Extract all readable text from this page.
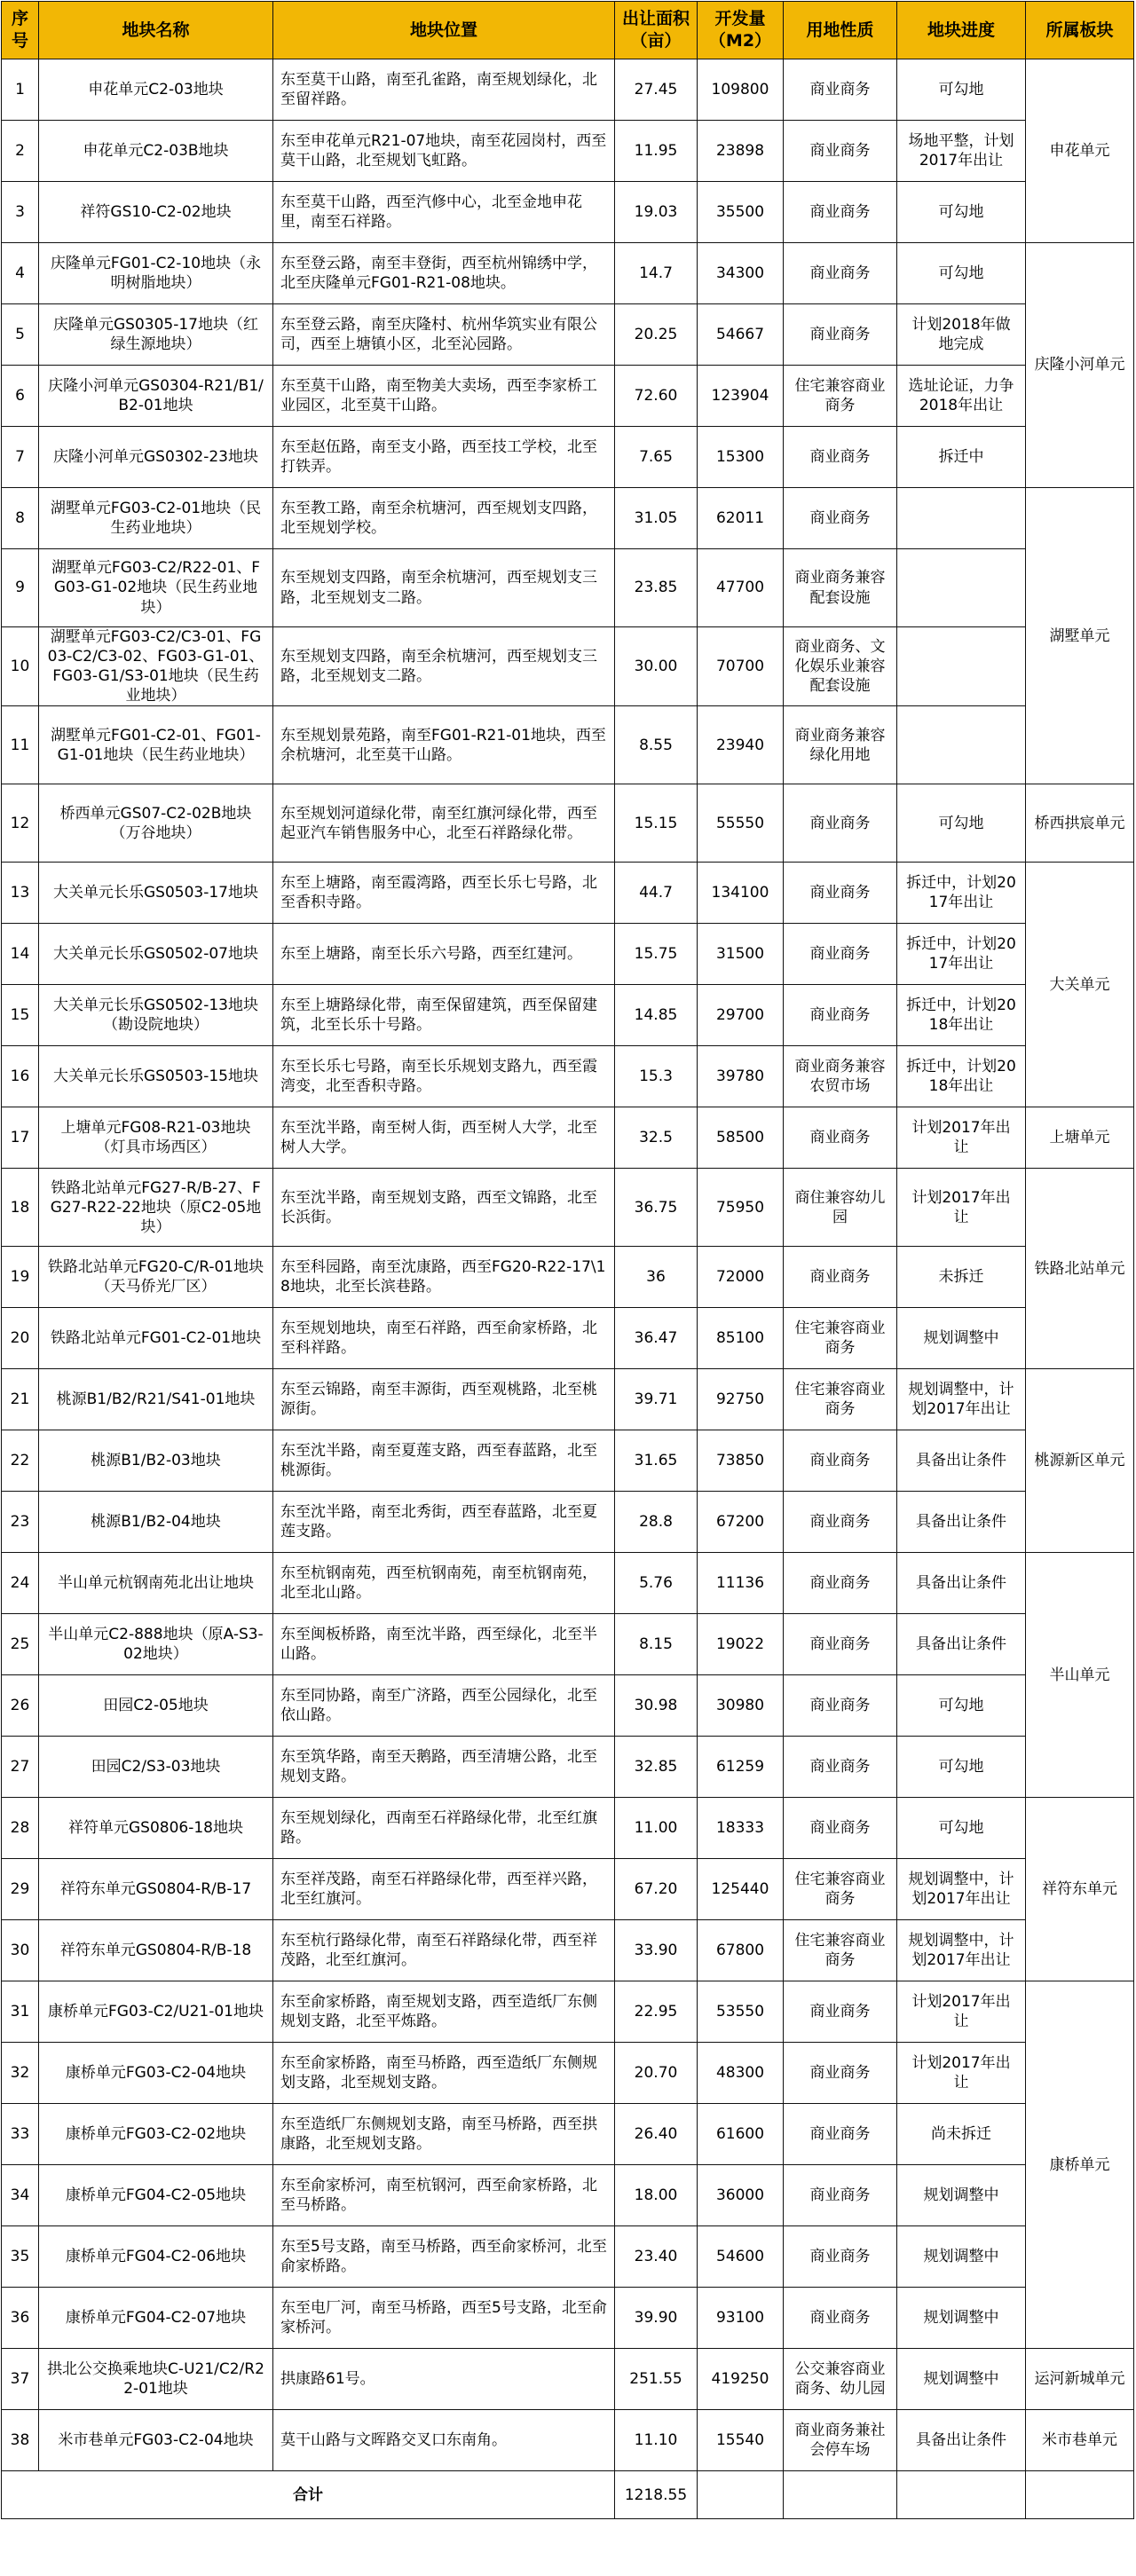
序号	地块名称	地块位置	出让面积（亩）	开发量（M2）	用地性质	地块进度	所属板块
1	申花单元C2-03地块	东至莫干山路，南至孔雀路，南至规划绿化，北至留祥路。	27.45	109800	商业商务	可勾地	申花单元
2	申花单元C2-03B地块	东至申花单元R21-07地块，南至花园岗村，西至莫干山路，北至规划飞虹路。	11.95	23898	商业商务	场地平整，计划2017年出让	
3	祥符GS10-C2-02地块	东至莫干山路，西至汽修中心，北至金地申花里，南至石祥路。	19.03	35500	商业商务	可勾地	
4	庆隆单元FG01-C2-10地块（永明树脂地块）	东至登云路，南至丰登街，西至杭州锦绣中学，北至庆隆单元FG01-R21-08地块。	14.7	34300	商业商务	可勾地	庆隆小河单元
5	庆隆单元GS0305-17地块（红绿生源地块）	东至登云路，南至庆隆村、杭州华筑实业有限公司，西至上塘镇小区，北至沁园路。	20.25	54667	商业商务	计划2018年做地完成	
6	庆隆小河单元GS0304-R21/B1/B2-01地块	东至莫干山路，南至物美大卖场，西至李家桥工业园区，北至莫干山路。	72.60	123904	住宅兼容商业商务	选址论证，力争2018年出让	
7	庆隆小河单元GS0302-23地块	东至赵伍路，南至支小路，西至技工学校，北至打铁弄。	7.65	15300	商业商务	拆迁中	
8	湖墅单元FG03-C2-01地块（民生药业地块）	东至教工路，南至余杭塘河，西至规划支四路，北至规划学校。	31.05	62011	商业商务		湖墅单元
9	湖墅单元FG03-C2/R22-01、FG03-G1-02地块（民生药业地块）	东至规划支四路，南至余杭塘河，西至规划支三路，北至规划支二路。	23.85	47700	商业商务兼容配套设施		
10	湖墅单元FG03-C2/C3-01、FG03-C2/C3-02、FG03-G1-01、FG03-G1/S3-01地块（民生药业地块）	东至规划支四路，南至余杭塘河，西至规划支三路，北至规划支二路。	30.00	70700	商业商务、文化娱乐业兼容配套设施		
11	湖墅单元FG01-C2-01、FG01-G1-01地块（民生药业地块）	东至规划景苑路，南至FG01-R21-01地块，西至余杭塘河，北至莫干山路。	8.55	23940	商业商务兼容绿化用地		
12	桥西单元GS07-C2-02B地块（万谷地块）	东至规划河道绿化带，南至红旗河绿化带，西至起亚汽车销售服务中心，北至石祥路绿化带。	15.15	55550	商业商务	可勾地	桥西拱宸单元
13	大关单元长乐GS0503-17地块	东至上塘路，南至霞湾路，西至长乐七号路，北至香积寺路。	44.7	134100	商业商务	拆迁中，计划2017年出让	大关单元
14	大关单元长乐GS0502-07地块	东至上塘路，南至长乐六号路，西至红建河。	15.75	31500	商业商务	拆迁中，计划2017年出让	
15	大关单元长乐GS0502-13地块（勘设院地块）	东至上塘路绿化带，南至保留建筑，西至保留建筑，北至长乐十号路。	14.85	29700	商业商务	拆迁中，计划2018年出让	
16	大关单元长乐GS0503-15地块	东至长乐七号路，南至长乐规划支路九，西至霞湾变，北至香积寺路。	15.3	39780	商业商务兼容农贸市场	拆迁中，计划2018年出让	
17	上塘单元FG08-R21-03地块（灯具市场西区）	东至沈半路，南至树人街，西至树人大学，北至树人大学。	32.5	58500	商业商务	计划2017年出让	上塘单元
18	铁路北站单元FG27-R/B-27、FG27-R22-22地块（原C2-05地块）	东至沈半路，南至规划支路，西至文锦路，北至长浜街。	36.75	75950	商住兼容幼儿园	计划2017年出让	铁路北站单元
19	铁路北站单元FG20-C/R-01地块（天马侨光厂区）	东至科园路，南至沈康路，西至FG20-R22-17\18地块，北至长滨巷路。	36	72000	商业商务	未拆迁	
20	铁路北站单元FG01-C2-01地块	东至规划地块，南至石祥路，西至俞家桥路，北至科祥路。	36.47	85100	住宅兼容商业商务	规划调整中	
21	桃源B1/B2/R21/S41-01地块	东至云锦路，南至丰源街，西至观桃路，北至桃源街。	39.71	92750	住宅兼容商业商务	规划调整中，计划2017年出让	桃源新区单元
22	桃源B1/B2-03地块	东至沈半路，南至夏莲支路，西至春蓝路，北至桃源街。	31.65	73850	商业商务	具备出让条件	
23	桃源B1/B2-04地块	东至沈半路，南至北秀街，西至春蓝路，北至夏莲支路。	28.8	67200	商业商务	具备出让条件	
24	半山单元杭钢南苑北出让地块	东至杭钢南苑，西至杭钢南苑，南至杭钢南苑，北至北山路。	5.76	11136	商业商务	具备出让条件	半山单元
25	半山单元C2-888地块（原A-S3-02地块）	东至闽板桥路，南至沈半路，西至绿化，北至半山路。	8.15	19022	商业商务	具备出让条件	
26	田园C2-05地块	东至同协路，南至广济路，西至公园绿化，北至依山路。	30.98	30980	商业商务	可勾地	
27	田园C2/S3-03地块	东至筑华路，南至天鹅路，西至清塘公路，北至规划支路。	32.85	61259	商业商务	可勾地	
28	祥符单元GS0806-18地块	东至规划绿化，西南至石祥路绿化带，北至红旗路。	11.00	18333	商业商务	可勾地	祥符东单元
29	祥符东单元GS0804-R/B-17	东至祥茂路，南至石祥路绿化带，西至祥兴路，北至红旗河。	67.20	125440	住宅兼容商业商务	规划调整中，计划2017年出让	
30	祥符东单元GS0804-R/B-18	东至杭行路绿化带，南至石祥路绿化带，西至祥茂路，北至红旗河。	33.90	67800	住宅兼容商业商务	规划调整中，计划2017年出让	
31	康桥单元FG03-C2/U21-01地块	东至俞家桥路，南至规划支路，西至造纸厂东侧规划支路，北至平炼路。	22.95	53550	商业商务	计划2017年出让	康桥单元
32	康桥单元FG03-C2-04地块	东至俞家桥路，南至马桥路，西至造纸厂东侧规划支路，北至规划支路。	20.70	48300	商业商务	计划2017年出让	
33	康桥单元FG03-C2-02地块	东至造纸厂东侧规划支路，南至马桥路，西至拱康路，北至规划支路。	26.40	61600	商业商务	尚未拆迁	
34	康桥单元FG04-C2-05地块	东至俞家桥河，南至杭钢河，西至俞家桥路，北至马桥路。	18.00	36000	商业商务	规划调整中	
35	康桥单元FG04-C2-06地块	东至5号支路，南至马桥路，西至俞家桥河，北至俞家桥路。	23.40	54600	商业商务	规划调整中	
36	康桥单元FG04-C2-07地块	东至电厂河，南至马桥路，西至5号支路，北至俞家桥河。	39.90	93100	商业商务	规划调整中	
37	拱北公交换乘地块C-U21/C2/R22-01地块	拱康路61号。	251.55	419250	公交兼容商业商务、幼儿园	规划调整中	运河新城单元
38	米市巷单元FG03-C2-04地块	莫干山路与文晖路交叉口东南角。	11.10	15540	商业商务兼社会停车场	具备出让条件	米市巷单元
合计			1218.55				
